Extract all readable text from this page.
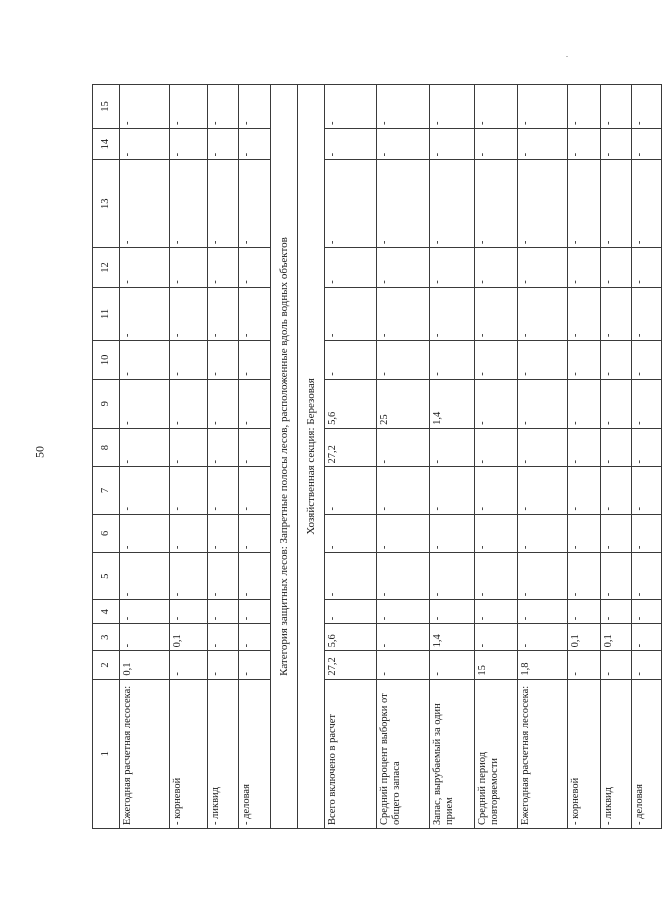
50
1	2	3	4	5	6	7	8	9	10	11	12	13	14	15
Ежегодная расчетная лесосека:	0,1	-	-	-	-	-	-	-	-	-	-	-	-	-
- корневой	-	0,1	-	-	-	-	-	-	-	-	-	-	-	-
- ликвид	-	-	-	-	-	-	-	-	-	-	-	-	-	-
- деловая	-	-	-	-	-	-	-	-	-	-	-	-	-	-
Категория защитных лесов: Запретные полосы лесов, расположенные вдоль водных объектов														
Хозяйственная секция: Березовая														
Всего включено в расчет	27,2	5,6	-	-	-	-	27,2	5,6	-	-	-	-	-	-
Средний процент выборки от общего запаса	-	-	-	-	-	-	-	25	-	-	-	-	-	-
Запас, вырубаемый за один прием	-	1,4	-	-	-	-	-	1,4	-	-	-	-	-	-
Средний период повторяемости	15	-	-	-	-	-	-	-	-	-	-	-	-	-
Ежегодная расчетная лесосека:	1,8	-	-	-	-	-	-	-	-	-	-	-	-	-
- корневой	-	0,1	-	-	-	-	-	-	-	-	-	-	-	-
- ликвид	-	0,1	-	-	-	-	-	-	-	-	-	-	-	-
- деловая	-	-	-	-	-	-	-	-	-	-	-	-	-	-
